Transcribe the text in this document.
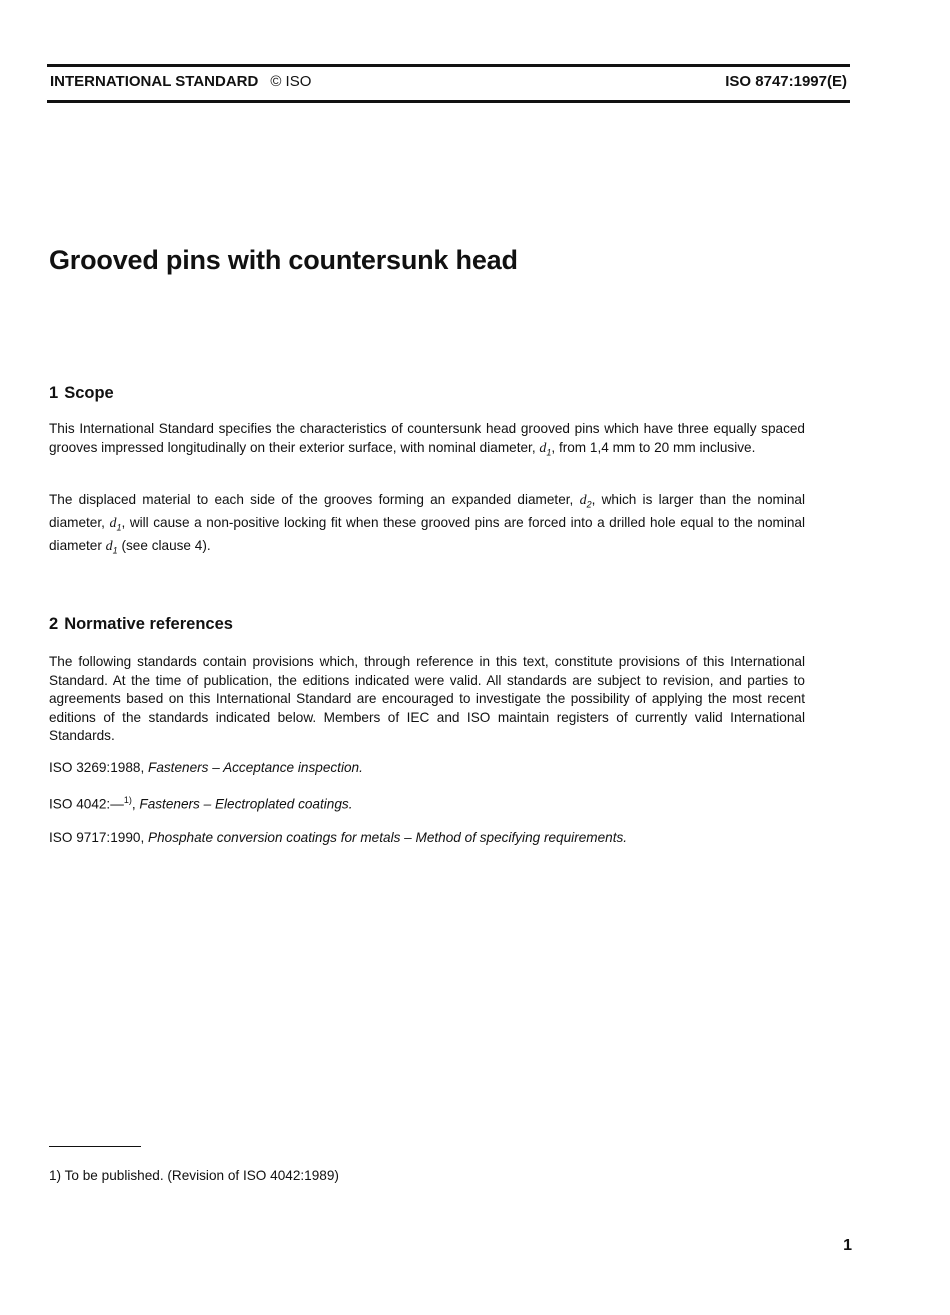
INTERNATIONAL STANDARD © ISO	ISO 8747:1997(E)
Grooved pins with countersunk head
1 Scope

This International Standard specifies the characteristics of countersunk head grooved pins which have three equally spaced grooves impressed longitudinally on their exterior surface, with nominal diameter, $d_1$, from 1,4 mm to 20 mm inclusive.

The displaced material to each side of the grooves forming an expanded diameter, $d_2$, which is larger than the nominal diameter, $d_1$, will cause a non-positive locking fit when these grooved pins are forced into a drilled hole equal to the nominal diameter $d_1$ (see clause 4).

2 Normative references

The following standards contain provisions which, through reference in this text, constitute provisions of this International Standard. At the time of publication, the editions indicated were valid. All standards are subject to revision, and parties to agreements based on this International Standard are encouraged to investigate the possibility of applying the most recent editions of the standards indicated below. Members of IEC and ISO maintain registers of currently valid International Standards.

ISO 3269:1988, Fasteners – Acceptance inspection.

ISO 4042:—$^{1)}$, Fasteners – Electroplated coatings.

ISO 9717:1990, Phosphate conversion coatings for metals – Method of specifying requirements.

1) To be published. (Revision of ISO 4042:1989)

1
